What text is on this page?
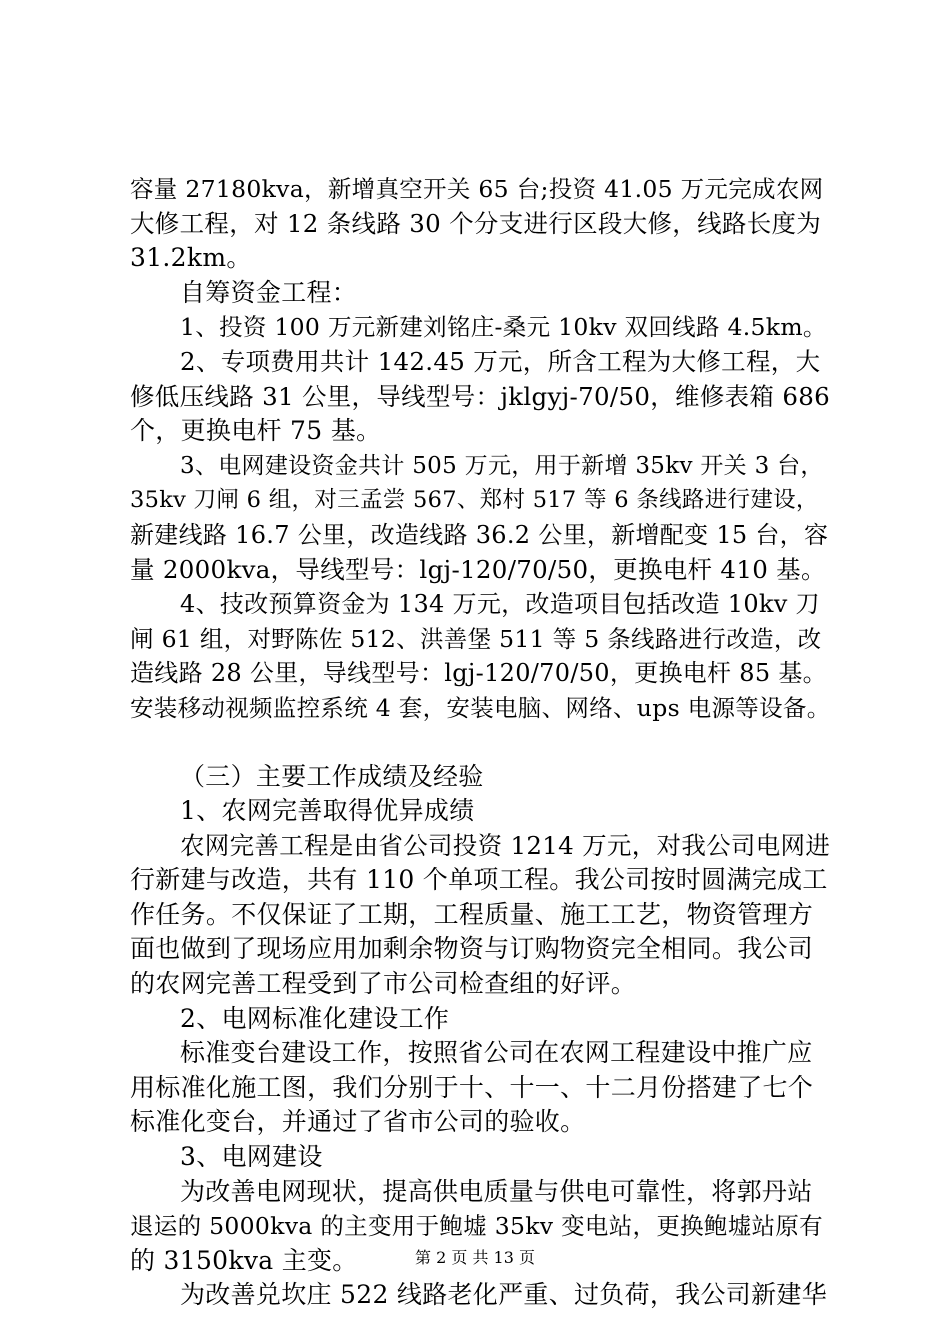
容量 27180kva，新增真空开关 65 台;投资 41.05 万元完成农网

大修工程，对 12 条线路 30 个分支进行区段大修，线路长度为

31.2km。

自筹资金工程：

1、投资 100 万元新建刘铭庄-桑元 10kv 双回线路 4.5km。

2、专项费用共计 142.45 万元，所含工程为大修工程，大

修低压线路 31 公里，导线型号：jklgyj-70/50，维修表箱 686

个，更换电杆 75 基。

3、电网建设资金共计 505 万元，用于新增 35kv 开关 3 台，

35kv 刀闸 6 组，对三孟尝 567、郑村 517 等 6 条线路进行建设，

新建线路 16.7 公里，改造线路 36.2 公里，新增配变 15 台，容

量 2000kva，导线型号：lgj-120/70/50，更换电杆 410 基。

4、技改预算资金为 134 万元，改造项目包括改造 10kv 刀

闸 61 组，对野陈佐 512、洪善堡 511 等 5 条线路进行改造，改

造线路 28 公里，导线型号：lgj-120/70/50，更换电杆 85 基。

安装移动视频监控系统 4 套，安装电脑、网络、ups 电源等设备。

（三）主要工作成绩及经验

1、农网完善取得优异成绩

农网完善工程是由省公司投资 1214 万元，对我公司电网进

行新建与改造，共有 110 个单项工程。我公司按时圆满完成工

作任务。不仅保证了工期，工程质量、施工工艺，物资管理方

面也做到了现场应用加剩余物资与订购物资完全相同。我公司

的农网完善工程受到了市公司检查组的好评。

2、电网标准化建设工作

标准变台建设工作，按照省公司在农网工程建设中推广应

用标准化施工图，我们分别于十、十一、十二月份搭建了七个

标准化变台，并通过了省市公司的验收。

3、电网建设

为改善电网现状，提高供电质量与供电可靠性，将郭丹站

退运的 5000kva 的主变用于鲍墟 35kv 变电站，更换鲍墟站原有

的 3150kva 主变。

为改善兑坎庄 522 线路老化严重、过负荷，我公司新建华

第 2 页 共 13 页
